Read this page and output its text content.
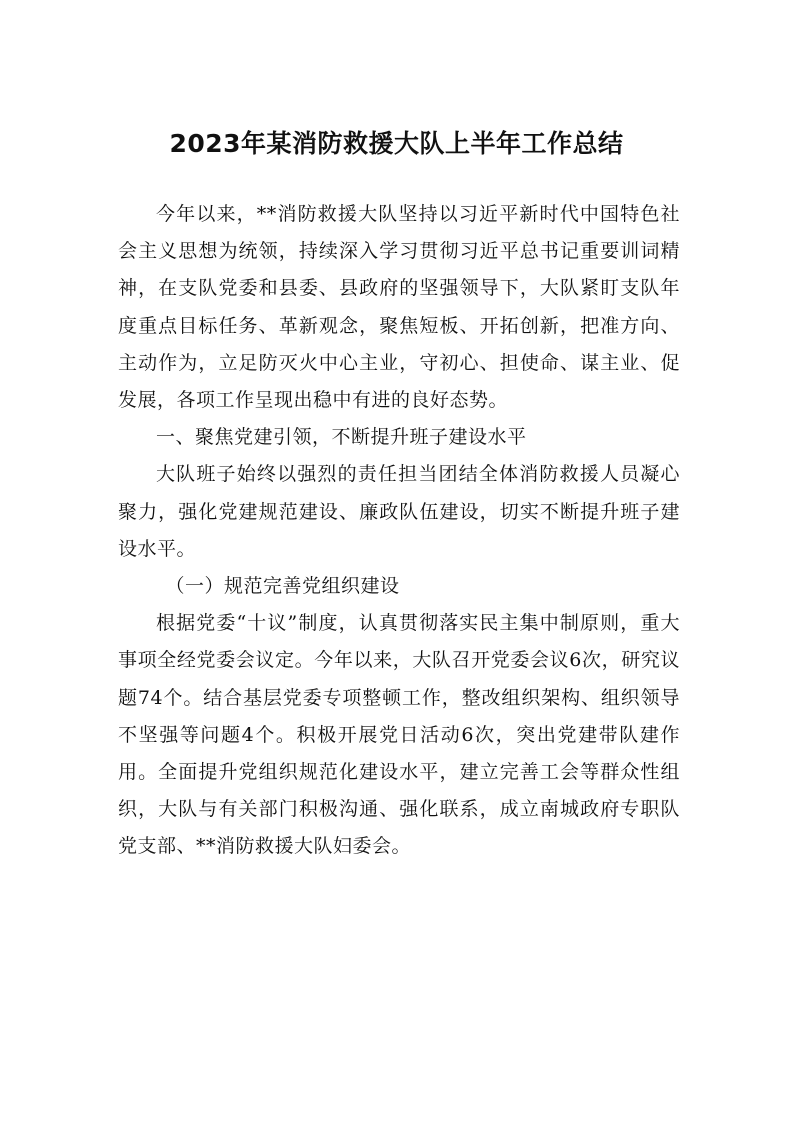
2023年某消防救援大队上半年工作总结

今年以来，**消防救援大队坚持以习近平新时代中国特色社会主义思想为统领，持续深入学习贯彻习近平总书记重要训词精神，在支队党委和县委、县政府的坚强领导下，大队紧盯支队年度重点目标任务、革新观念，聚焦短板、开拓创新，把准方向、主动作为，立足防灭火中心主业，守初心、担使命、谋主业、促发展，各项工作呈现出稳中有进的良好态势。

一、聚焦党建引领，不断提升班子建设水平

大队班子始终以强烈的责任担当团结全体消防救援人员凝心聚力，强化党建规范建设、廉政队伍建设，切实不断提升班子建设水平。

（一）规范完善党组织建设

根据党委“十议”制度，认真贯彻落实民主集中制原则，重大事项全经党委会议定。今年以来，大队召开党委会议6次，研究议题74个。结合基层党委专项整顿工作，整改组织架构、组织领导不坚强等问题4个。积极开展党日活动6次，突出党建带队建作用。全面提升党组织规范化建设水平，建立完善工会等群众性组织，大队与有关部门积极沟通、强化联系，成立南城政府专职队党支部、**消防救援大队妇委会。
